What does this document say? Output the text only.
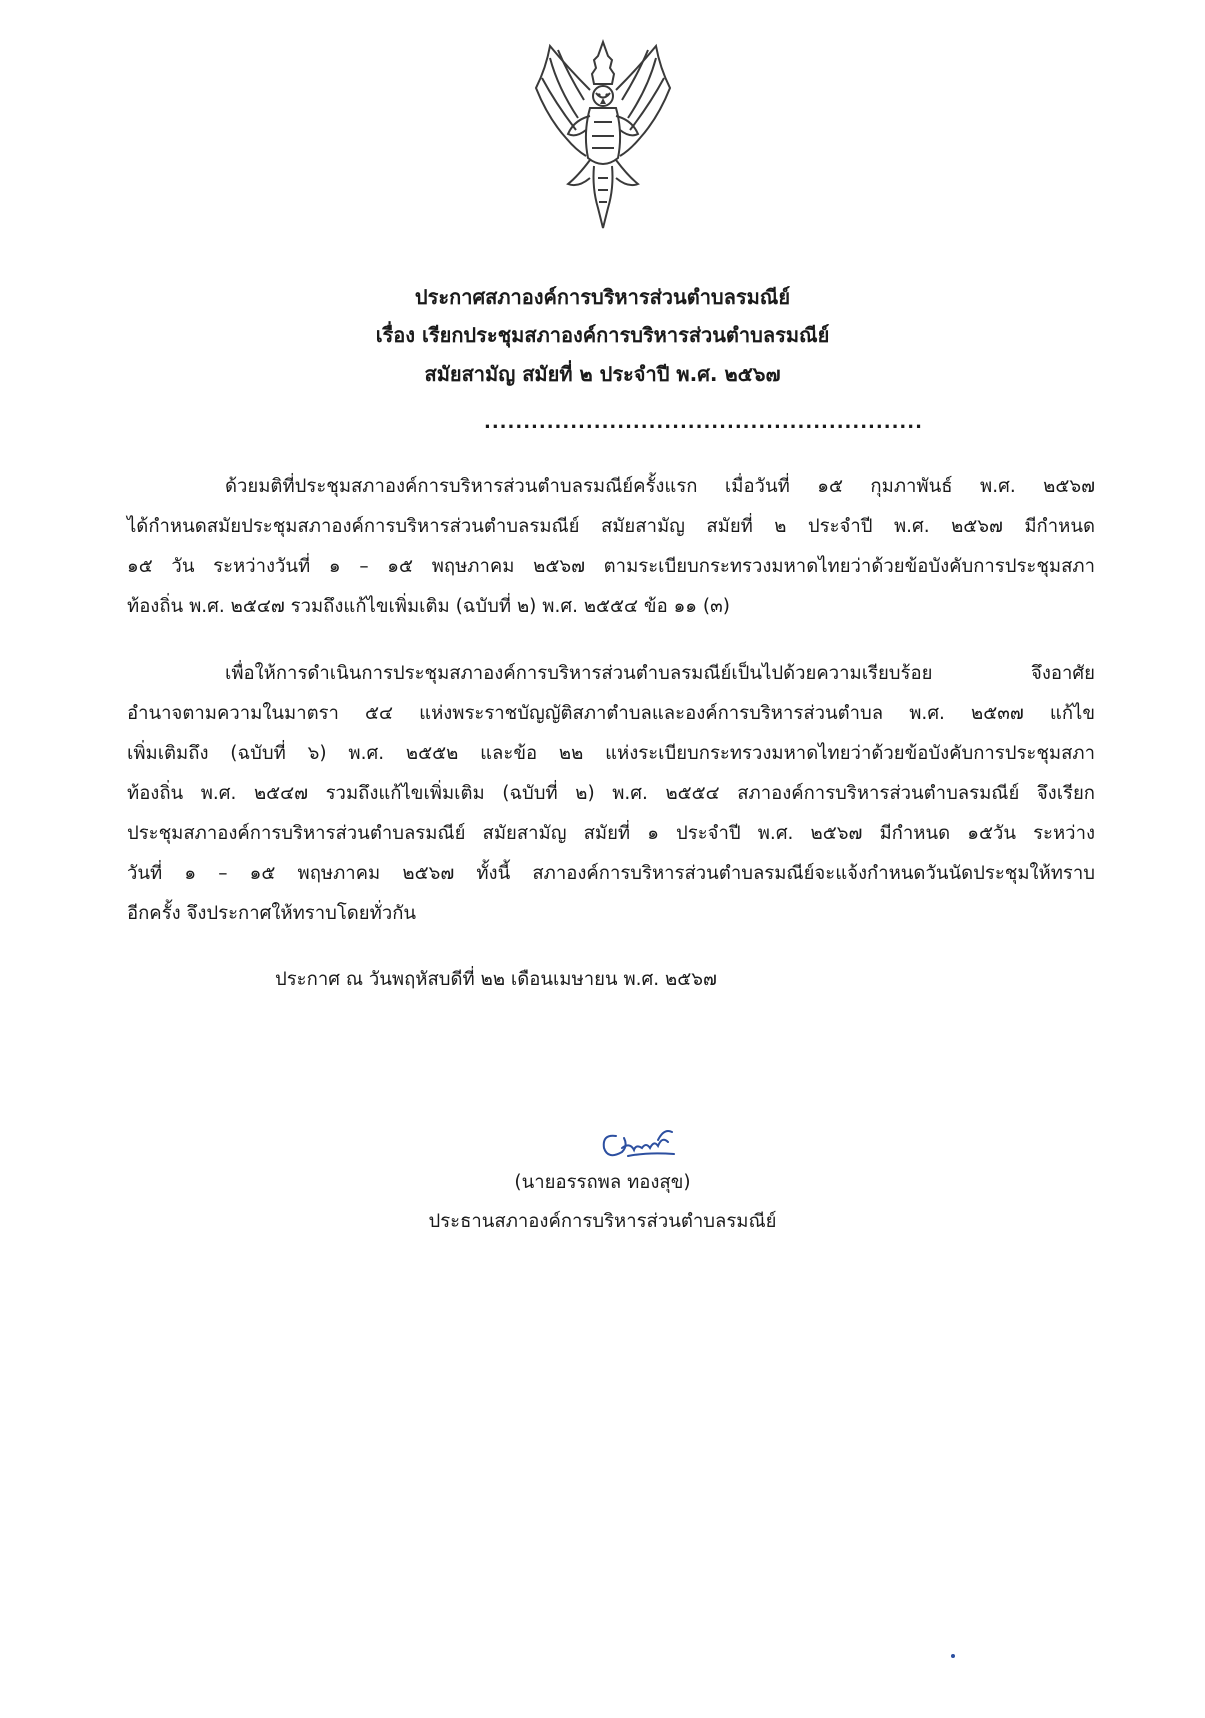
ประกาศสภาองค์การบริหารส่วนตำบลรมณีย์
เรื่อง เรียกประชุมสภาองค์การบริหารส่วนตำบลรมณีย์
สมัยสามัญ สมัยที่ ๒ ประจำปี พ.ศ. ๒๕๖๗
........................................................
ด้วยมติที่ประชุมสภาองค์การบริหารส่วนตำบลรมณีย์ครั้งแรก เมื่อวันที่ ๑๕ กุมภาพันธ์ พ.ศ. ๒๕๖๗
ได้กำหนดสมัยประชุมสภาองค์การบริหารส่วนตำบลรมณีย์ สมัยสามัญ สมัยที่ ๒ ประจำปี พ.ศ. ๒๕๖๗ มีกำหนด
๑๕ วัน ระหว่างวันที่ ๑ – ๑๕ พฤษภาคม ๒๕๖๗ ตามระเบียบกระทรวงมหาดไทยว่าด้วยข้อบังคับการประชุมสภา
ท้องถิ่น พ.ศ. ๒๕๔๗ รวมถึงแก้ไขเพิ่มเติม (ฉบับที่ ๒) พ.ศ. ๒๕๕๔ ข้อ ๑๑ (๓)
เพื่อให้การดำเนินการประชุมสภาองค์การบริหารส่วนตำบลรมณีย์เป็นไปด้วยความเรียบร้อย จึงอาศัย
อำนาจตามความในมาตรา ๕๔ แห่งพระราชบัญญัติสภาตำบลและองค์การบริหารส่วนตำบล พ.ศ. ๒๕๓๗ แก้ไข
เพิ่มเติมถึง (ฉบับที่ ๖) พ.ศ. ๒๕๕๒ และข้อ ๒๒ แห่งระเบียบกระทรวงมหาดไทยว่าด้วยข้อบังคับการประชุมสภา
ท้องถิ่น พ.ศ. ๒๕๔๗ รวมถึงแก้ไขเพิ่มเติม (ฉบับที่ ๒) พ.ศ. ๒๕๕๔ สภาองค์การบริหารส่วนตำบลรมณีย์ จึงเรียก
ประชุมสภาองค์การบริหารส่วนตำบลรมณีย์ สมัยสามัญ สมัยที่ ๑ ประจำปี พ.ศ. ๒๕๖๗ มีกำหนด ๑๕วัน ระหว่าง
วันที่ ๑ – ๑๕ พฤษภาคม ๒๕๖๗ ทั้งนี้ สภาองค์การบริหารส่วนตำบลรมณีย์จะแจ้งกำหนดวันนัดประชุมให้ทราบ
อีกครั้ง จึงประกาศให้ทราบโดยทั่วกัน
ประกาศ ณ วันพฤหัสบดีที่ ๒๒ เดือนเมษายน พ.ศ. ๒๕๖๗
(นายอรรถพล ทองสุข)
ประธานสภาองค์การบริหารส่วนตำบลรมณีย์
